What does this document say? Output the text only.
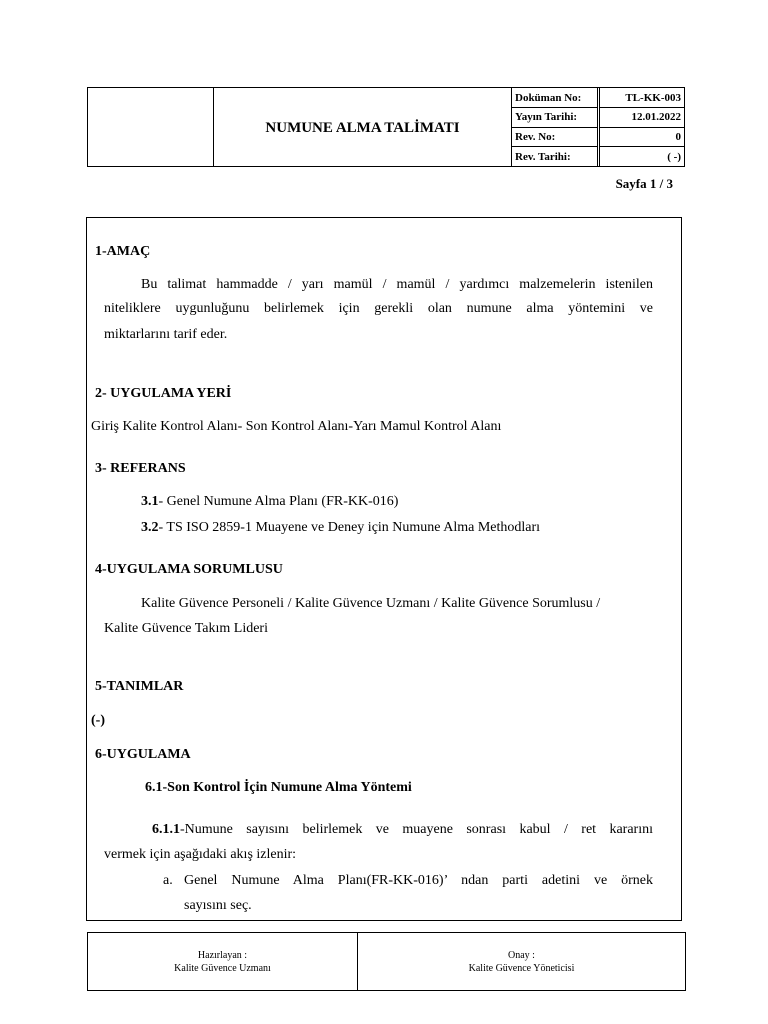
NUMUNE ALMA TALİMATI
Doküman No:	TL-KK-003
Yayın Tarihi:	12.01.2022
Rev. No:	0
Rev. Tarihi:	( -)
Sayfa 1 / 3
1-AMAÇ
Bu talimat hammadde / yarı mamül / mamül / yardımcı malzemelerin istenilen
niteliklere uygunluğunu belirlemek için gerekli olan numune alma yöntemini ve
miktarlarını tarif eder.
2- UYGULAMA YERİ
Giriş Kalite Kontrol Alanı- Son Kontrol Alanı-Yarı Mamul Kontrol Alanı
3- REFERANS
3.1- Genel Numune Alma Planı (FR-KK-016)
3.2- TS ISO 2859-1 Muayene ve Deney için Numune Alma Methodları
4-UYGULAMA SORUMLUSU
Kalite Güvence Personeli / Kalite Güvence Uzmanı / Kalite Güvence Sorumlusu /
Kalite Güvence Takım Lideri
5-TANIMLAR
(-)
6-UYGULAMA
6.1-Son Kontrol İçin Numune Alma Yöntemi
6.1.1-Numune sayısını belirlemek ve muayene sonrası kabul / ret kararını
vermek için aşağıdaki akış izlenir:
a. Genel Numune Alma Planı(FR-KK-016)’ ndan parti adetini ve örnek
sayısını seç.
Hazırlayan :
Kalite Güvence Uzmanı
Onay :
Kalite Güvence Yöneticisi
